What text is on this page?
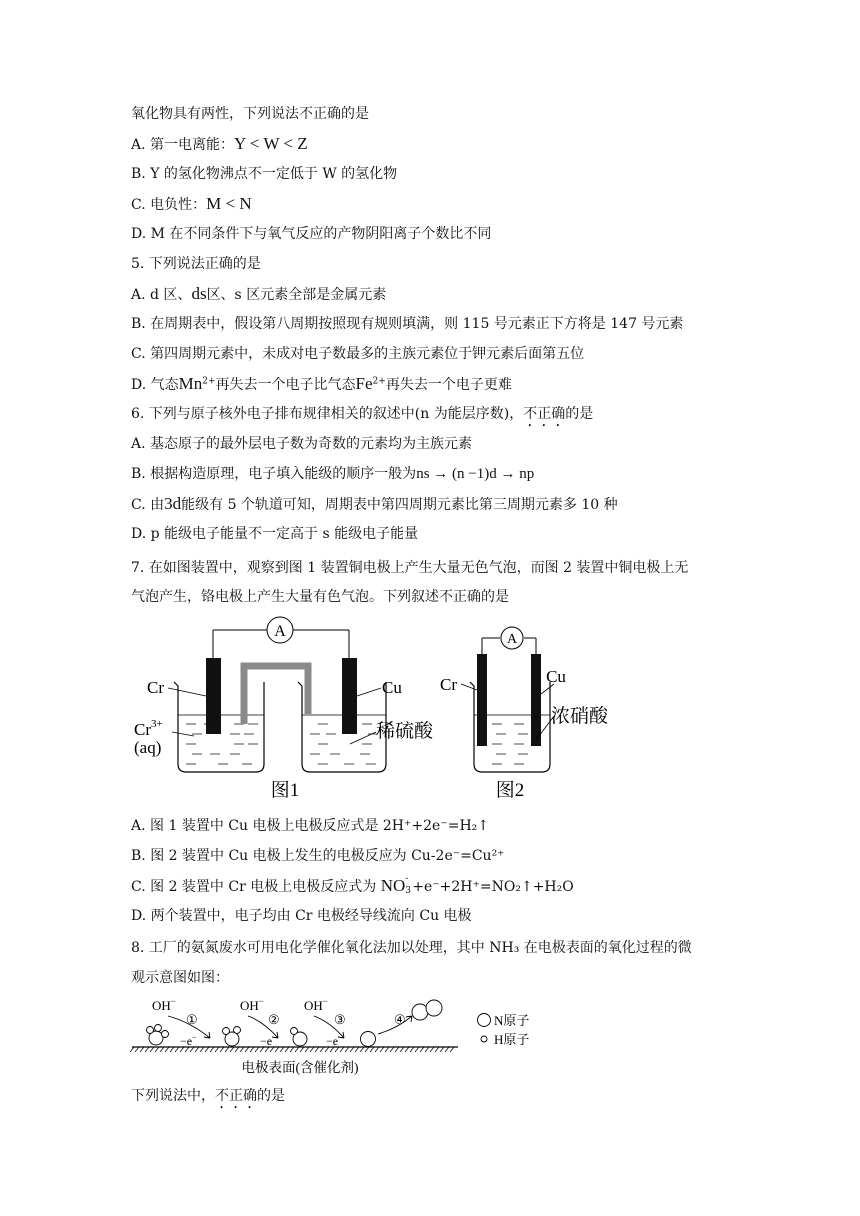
氧化物具有两性，下列说法不正确的是
A. 第一电离能：Y < W < Z
B. Y 的氢化物沸点不一定低于 W 的氢化物
C. 电负性：M < N
D. M 在不同条件下与氧气反应的产物阴阳离子个数比不同
5. 下列说法正确的是
A. d 区、ds区、s 区元素全部是金属元素
B. 在周期表中，假设第八周期按照现有规则填满，则 115 号元素正下方将是 147 号元素
C. 第四周期元素中，未成对电子数最多的主族元素位于钾元素后面第五位
D. 气态$Mn^{2+}$再失去一个电子比气态$Fe^{2+}$再失去一个电子更难
6. 下列与原子核外电子排布规律相关的叙述中(n 为能层序数)，不正确的是
A. 基态原子的最外层电子数为奇数的元素均为主族元素
B. 根据构造原理，电子填入能级的顺序一般为ns → (n −1)d → np
C. 由3d能级有 5 个轨道可知，周期表中第四周期元素比第三周期元素多 10 种
D. p 能级电子能量不一定高于 s 能级电子能量
7. 在如图装置中，观察到图 1 装置铜电极上产生大量无色气泡，而图 2 装置中铜电极上无
气泡产生，铬电极上产生大量有色气泡。下列叙述不正确的是
A
Cr	Cu
$Cr^{3+}$
(aq)
稀硫酸
图1
A
Cr	Cu
浓硝酸
图2
A. 图 1 装置中 Cu 电极上电极反应式是 2H⁺+2e⁻=H₂↑
B. 图 2 装置中 Cu 电极上发生的电极反应为 Cu-2e⁻=Cu²⁺
C. 图 2 装置中 Cr 电极上电极反应式为 NO -
3 +e⁻+2H⁺=NO₂↑+H₂O
D. 两个装置中，电子均由 Cr 电极经导线流向 Cu 电极
8. 工厂的氨氮废水可用电化学催化氧化法加以处理，其中 NH₃ 在电极表面的氧化过程的微
观示意图如图：
OH−	OH−	OH−
①	②	③	④
−e−	−e−	−e−
N原子
H原子
电极表面(含催化剂)
下列说法中，不正确的是
